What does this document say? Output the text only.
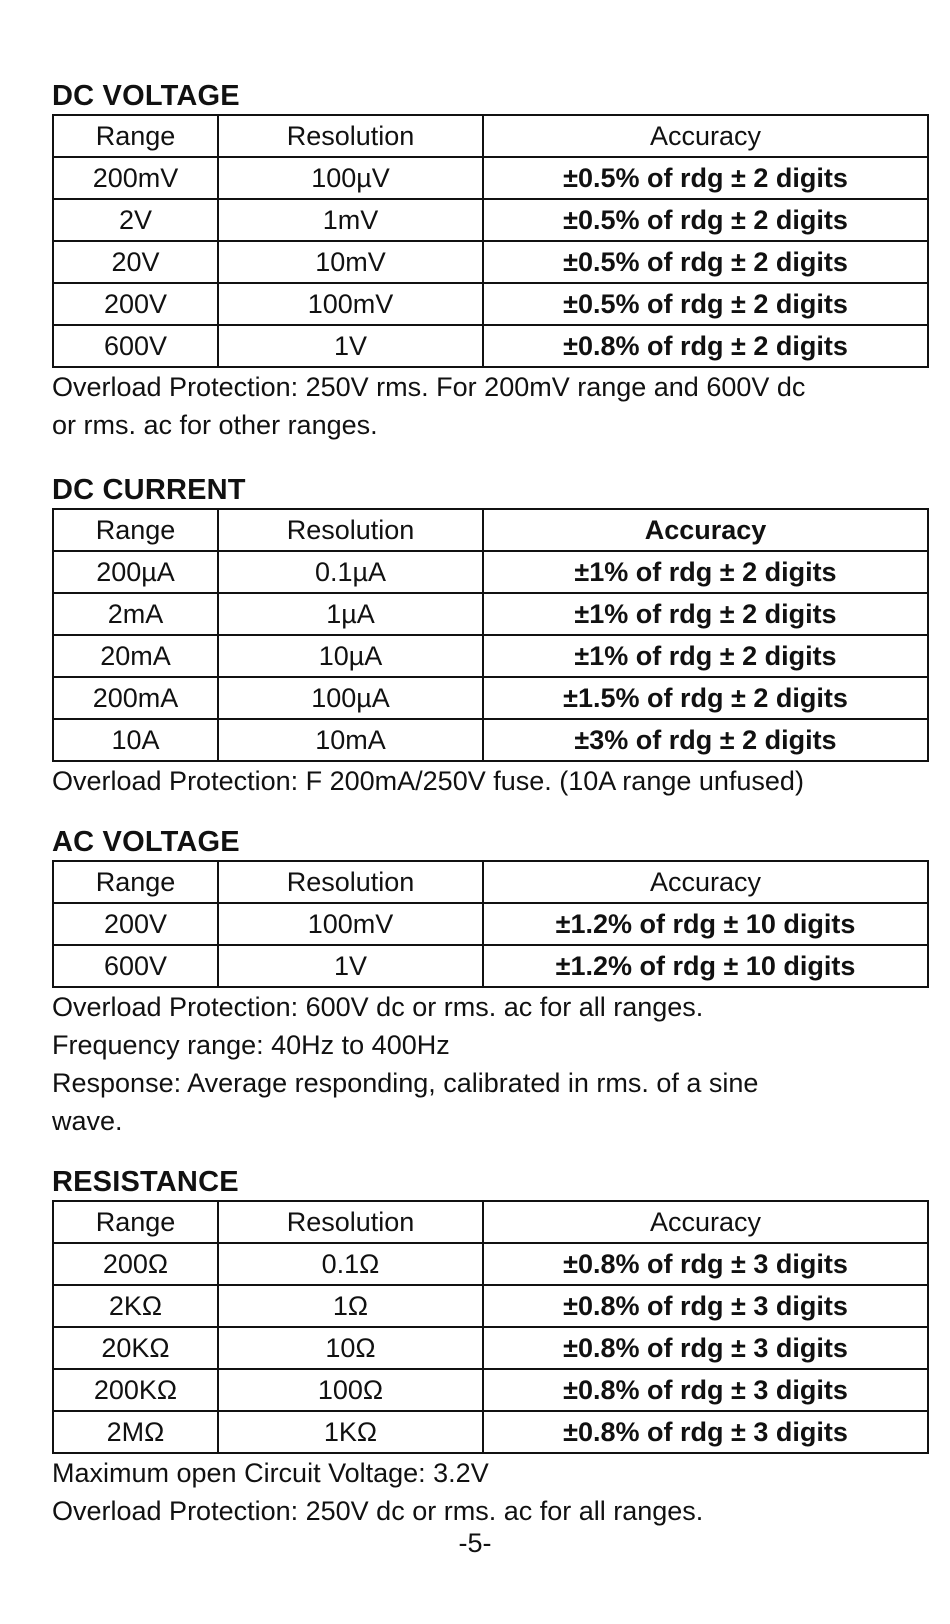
DC VOLTAGE
Range	Resolution	Accuracy
200mV	100µV	±0.5% of rdg ± 2 digits
2V	1mV	±0.5% of rdg ± 2 digits
20V	10mV	±0.5% of rdg ± 2 digits
200V	100mV	±0.5% of rdg ± 2 digits
600V	1V	±0.8% of rdg ± 2 digits

Overload Protection: 250V rms. For 200mV range and 600V dc

or rms. ac for other ranges.

DC CURRENT
Range	Resolution	Accuracy
200µA	0.1µA	±1% of rdg ± 2 digits
2mA	1µA	±1% of rdg ± 2 digits
20mA	10µA	±1% of rdg ± 2 digits
200mA	100µA	±1.5% of rdg ± 2 digits
10A	10mA	±3% of rdg ± 2 digits

Overload Protection: F 200mA/250V fuse. (10A range unfused)

AC VOLTAGE
Range	Resolution	Accuracy
200V	100mV	±1.2% of rdg ± 10 digits
600V	1V	±1.2% of rdg ± 10 digits

Overload Protection: 600V dc or rms. ac for all ranges.

Frequency range: 40Hz to 400Hz

Response: Average responding, calibrated in rms. of a sine

wave.

RESISTANCE
Range	Resolution	Accuracy
200Ω	0.1Ω	±0.8% of rdg ± 3 digits
2KΩ	1Ω	±0.8% of rdg ± 3 digits
20KΩ	10Ω	±0.8% of rdg ± 3 digits
200KΩ	100Ω	±0.8% of rdg ± 3 digits
2MΩ	1KΩ	±0.8% of rdg ± 3 digits

Maximum open Circuit Voltage: 3.2V

Overload Protection: 250V dc or rms. ac for all ranges.

-5-
